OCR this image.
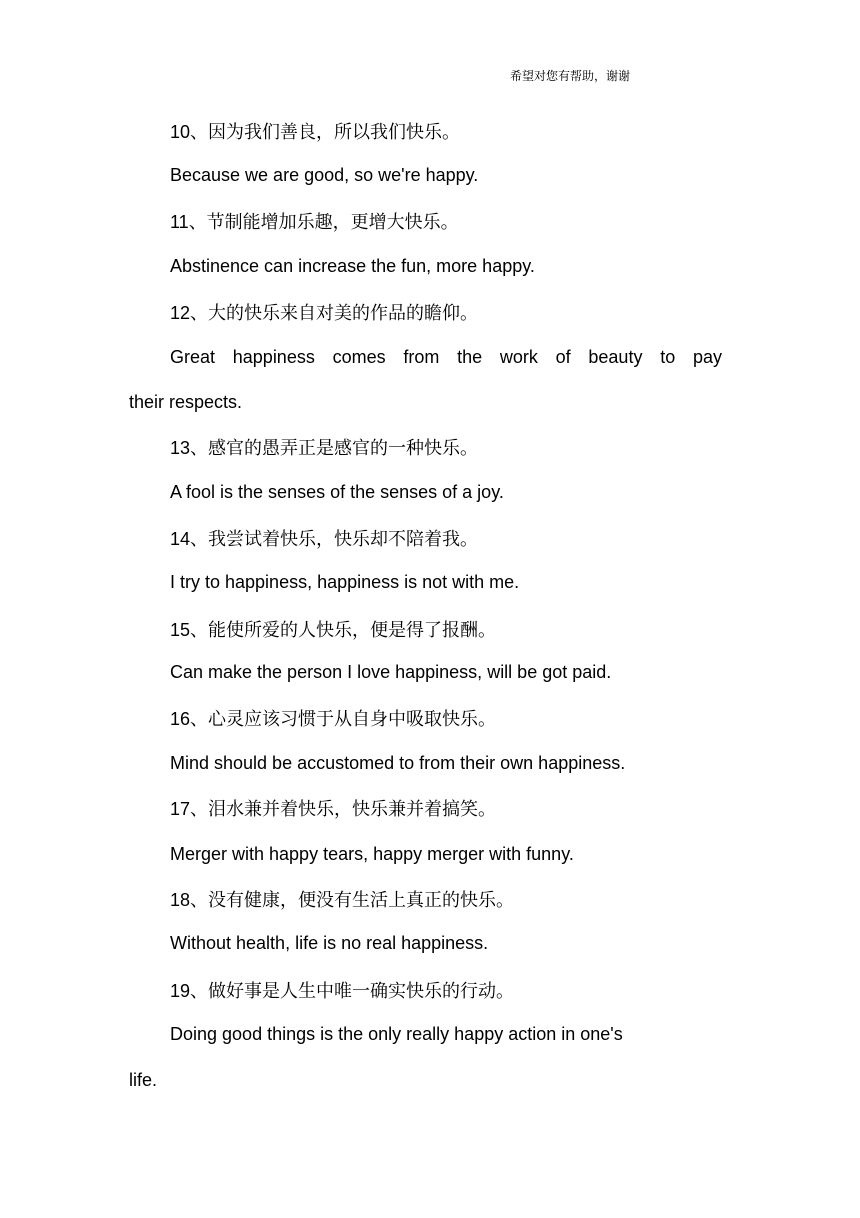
希望对您有帮助，谢谢
10、因为我们善良，所以我们快乐。
Because we are good, so we're happy.
11、节制能增加乐趣，更增大快乐。
Abstinence can increase the fun, more happy.
12、大的快乐来自对美的作品的瞻仰。
Great happiness comes from the work of beauty to pay
their respects.
13、感官的愚弄正是感官的一种快乐。
A fool is the senses of the senses of a joy.
14、我尝试着快乐，快乐却不陪着我。
I try to happiness, happiness is not with me.
15、能使所爱的人快乐，便是得了报酬。
Can make the person I love happiness, will be got paid.
16、心灵应该习惯于从自身中吸取快乐。
Mind should be accustomed to from their own happiness.
17、泪水兼并着快乐，快乐兼并着搞笑。
Merger with happy tears, happy merger with funny.
18、没有健康，便没有生活上真正的快乐。
Without health, life is no real happiness.
19、做好事是人生中唯一确实快乐的行动。
Doing good things is the only really happy action in one's
life.
